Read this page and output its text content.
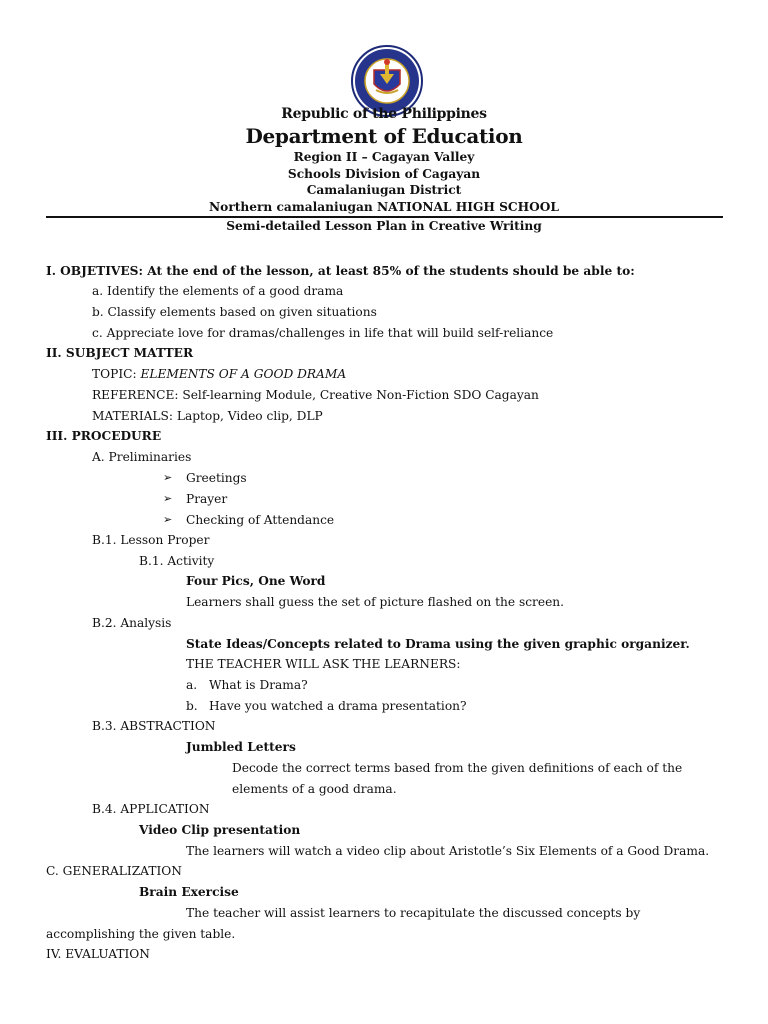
Republic of the Philippines
Department of Education
Region II – Cagayan Valley
Schools Division of Cagayan
Camalaniugan District
Northern camalaniugan NATIONAL HIGH SCHOOL
Semi-detailed Lesson Plan in Creative Writing
I. OBJETIVES: At the end of the lesson, at least 85% of the students should be able to:
a. Identify the elements of a good drama
b. Classify elements based on given situations
c. Appreciate love for dramas/challenges in life that will build self-reliance
II. SUBJECT MATTER
TOPIC: ELEMENTS OF A GOOD DRAMA
REFERENCE: Self-learning Module, Creative Non-Fiction SDO Cagayan
MATERIALS: Laptop, Video clip, DLP
III. PROCEDURE
A. Preliminaries
➢ Greetings
➢ Prayer
➢ Checking of Attendance
B.1. Lesson Proper
B.1. Activity
Four Pics, One Word
Learners shall guess the set of picture flashed on the screen.
B.2. Analysis
State Ideas/Concepts related to Drama using the given graphic organizer.
THE TEACHER WILL ASK THE LEARNERS:
a. What is Drama?
b. Have you watched a drama presentation?
B.3. ABSTRACTION
Jumbled Letters
Decode the correct terms based from the given definitions of each of the
elements of a good drama.
B.4. APPLICATION
Video Clip presentation
The learners will watch a video clip about Aristotle’s Six Elements of a Good Drama.
C. GENERALIZATION
Brain Exercise
The teacher will assist learners to recapitulate the discussed concepts by
accomplishing the given table.
IV. EVALUATION
